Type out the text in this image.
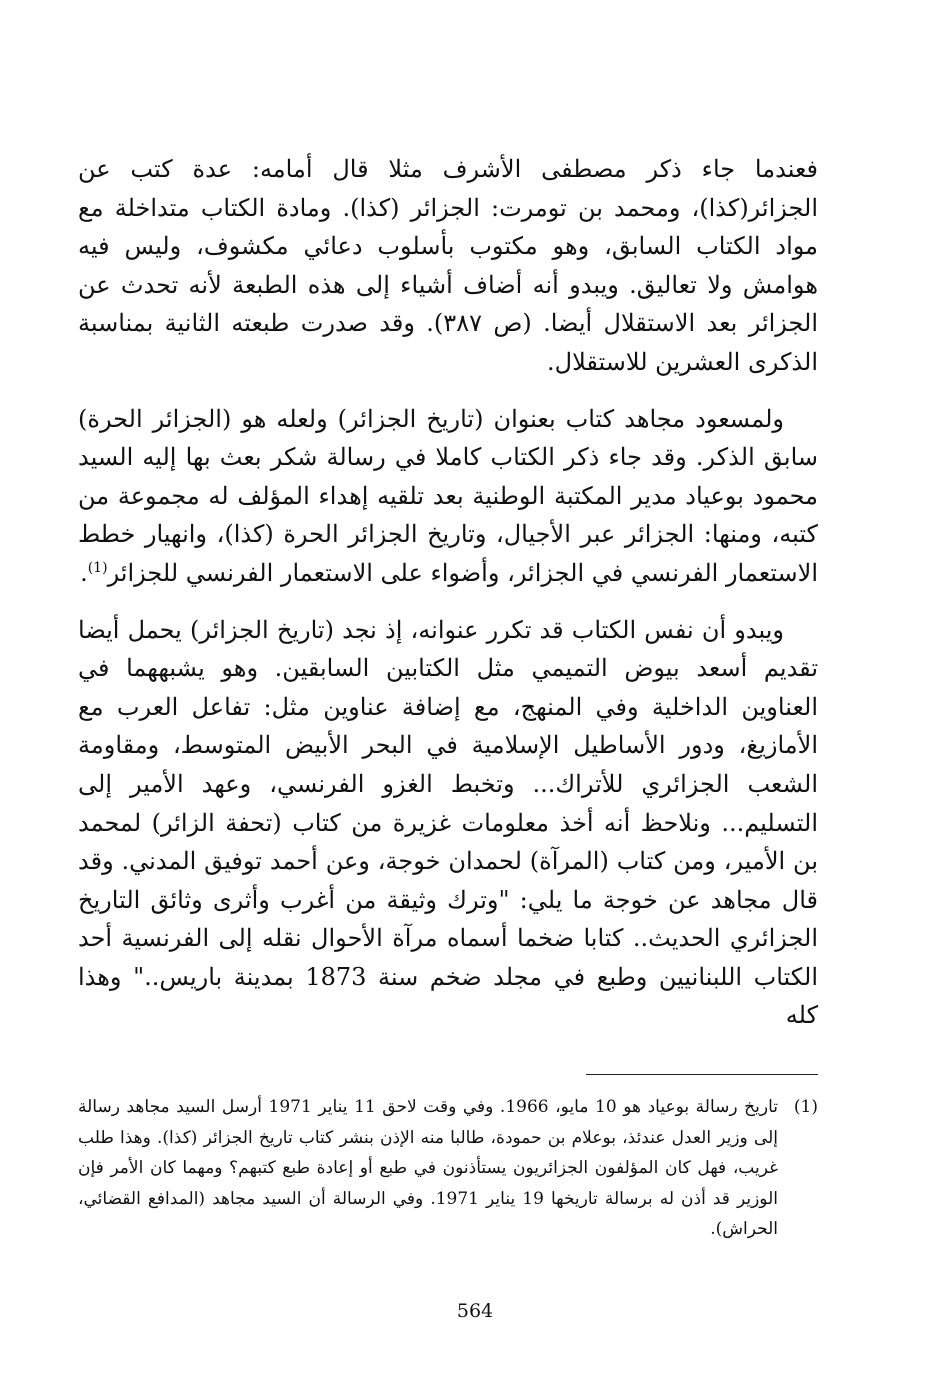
فعندما جاء ذكر مصطفى الأشرف مثلا قال أمامه: عدة كتب عن الجزائر(كذا)، ومحمد بن تومرت: الجزائر (كذا). ومادة الكتاب متداخلة مع مواد الكتاب السابق، وهو مكتوب بأسلوب دعائي مكشوف، وليس فيه هوامش ولا تعاليق. ويبدو أنه أضاف أشياء إلى هذه الطبعة لأنه تحدث عن الجزائر بعد الاستقلال أيضا. (ص ٣٨٧). وقد صدرت طبعته الثانية بمناسبة الذكرى العشرين للاستقلال.

ولمسعود مجاهد كتاب بعنوان (تاريخ الجزائر) ولعله هو (الجزائر الحرة) سابق الذكر. وقد جاء ذكر الكتاب كاملا في رسالة شكر بعث بها إليه السيد محمود بوعياد مدير المكتبة الوطنية بعد تلقيه إهداء المؤلف له مجموعة من كتبه، ومنها: الجزائر عبر الأجيال، وتاريخ الجزائر الحرة (كذا)، وانهيار خطط الاستعمار الفرنسي في الجزائر، وأضواء على الاستعمار الفرنسي للجزائر$^{(1)}$.

ويبدو أن نفس الكتاب قد تكرر عنوانه، إذ نجد (تاريخ الجزائر) يحمل أيضا تقديم أسعد بيوض التميمي مثل الكتابين السابقين. وهو يشبههما في العناوين الداخلية وفي المنهج، مع إضافة عناوين مثل: تفاعل العرب مع الأمازيغ، ودور الأساطيل الإسلامية في البحر الأبيض المتوسط، ومقاومة الشعب الجزائري للأتراك... وتخبط الغزو الفرنسي، وعهد الأمير إلى التسليم... ونلاحظ أنه أخذ معلومات غزيرة من كتاب (تحفة الزائر) لمحمد بن الأمير، ومن كتاب (المرآة) لحمدان خوجة، وعن أحمد توفيق المدني. وقد قال مجاهد عن خوجة ما يلي: "وترك وثيقة من أغرب وأثرى وثائق التاريخ الجزائري الحديث.. كتابا ضخما أسماه مرآة الأحوال نقله إلى الفرنسية أحد الكتاب اللبنانيين وطبع في مجلد ضخم سنة 1873 بمدينة باريس.." وهذا كله

(1)

تاريخ رسالة بوعياد هو 10 مايو، 1966. وفي وقت لاحق 11 يناير 1971 أرسل السيد مجاهد رسالة إلى وزير العدل عندئذ، بوعلام بن حمودة، طالبا منه الإذن بنشر كتاب تاريخ الجزائر (كذا). وهذا طلب غريب، فهل كان المؤلفون الجزائريون يستأذنون في طبع أو إعادة طبع كتبهم؟ ومهما كان الأمر فإن الوزير قد أذن له برسالة تاريخها 19 يناير 1971. وفي الرسالة أن السيد مجاهد (المدافع القضائي، الحراش).

564
